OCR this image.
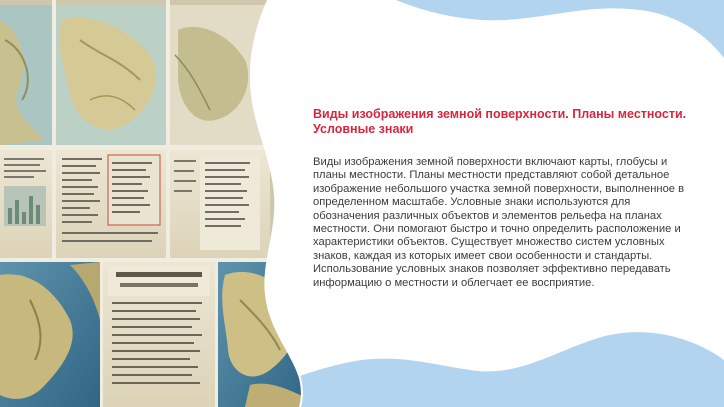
Виды изображения земной поверхности. Планы местности. Условные знаки

Виды изображения земной поверхности включают карты, глобусы и планы местности. Планы местности представляют собой детальное изображение небольшого участка земной поверхности, выполненное в определенном масштабе. Условные знаки используются для обозначения различных объектов и элементов рельефа на планах местности. Они помогают быстро и точно определить расположение и характеристики объектов. Существует множество систем условных знаков, каждая из которых имеет свои особенности и стандарты. Использование условных знаков позволяет эффективно передавать информацию о местности и облегчает ее восприятие.
